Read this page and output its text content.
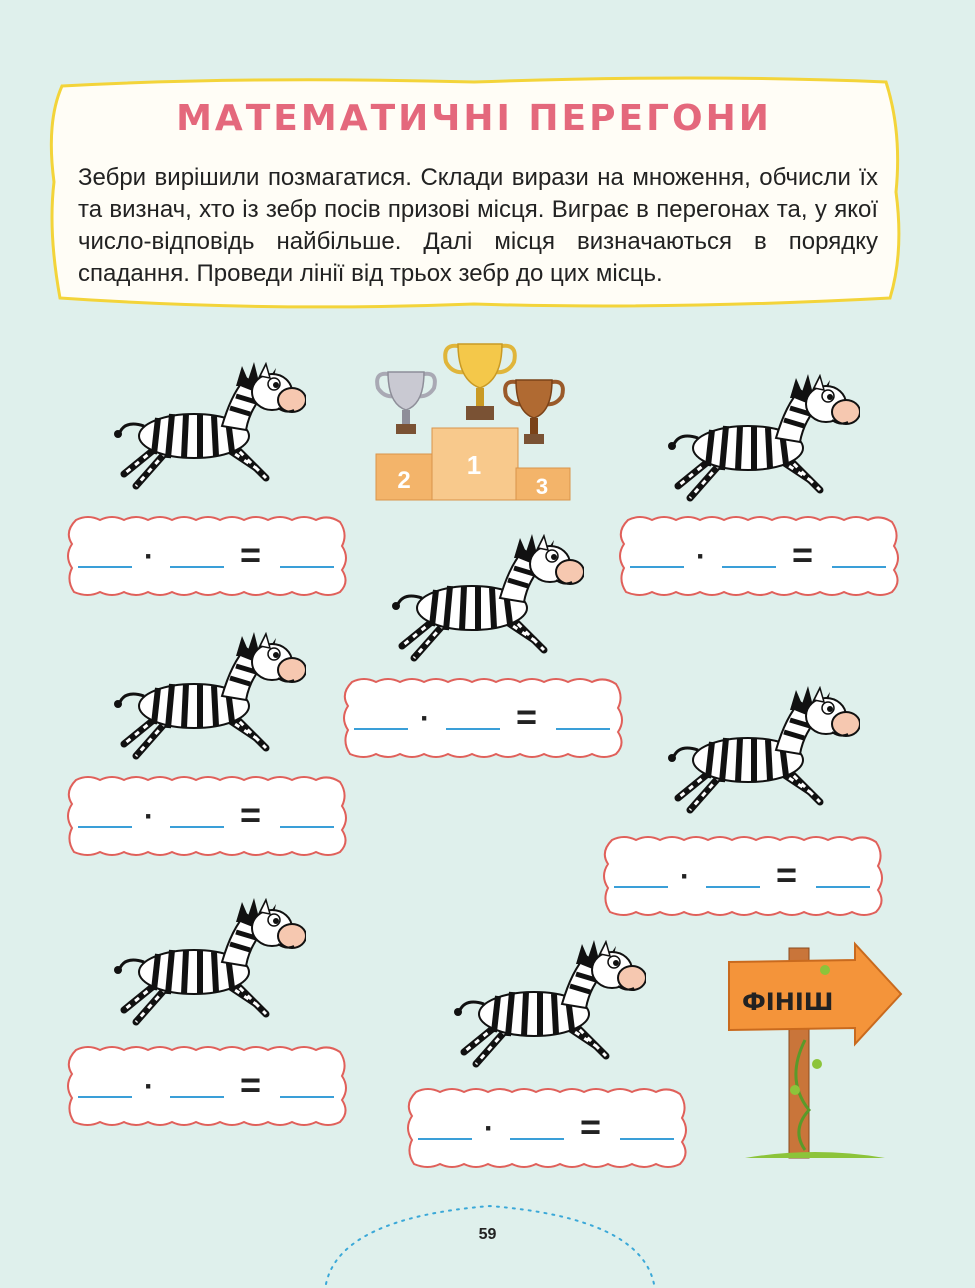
МАТЕМАТИЧНІ ПЕРЕГОНИ
Зебри вирішили позмагатися. Склади вирази на множення, обчисли їх та визнач, хто із зебр посів призові місця. Виграє в перегонах та, у якої число-відповідь найбільше. Далі місця визначаються в порядку спадання. Проведи лінії від трьох зебр до цих місць.
· =	· =
· =
· =
· =
· =
· =
2
1
3
ФІНІШ
59
